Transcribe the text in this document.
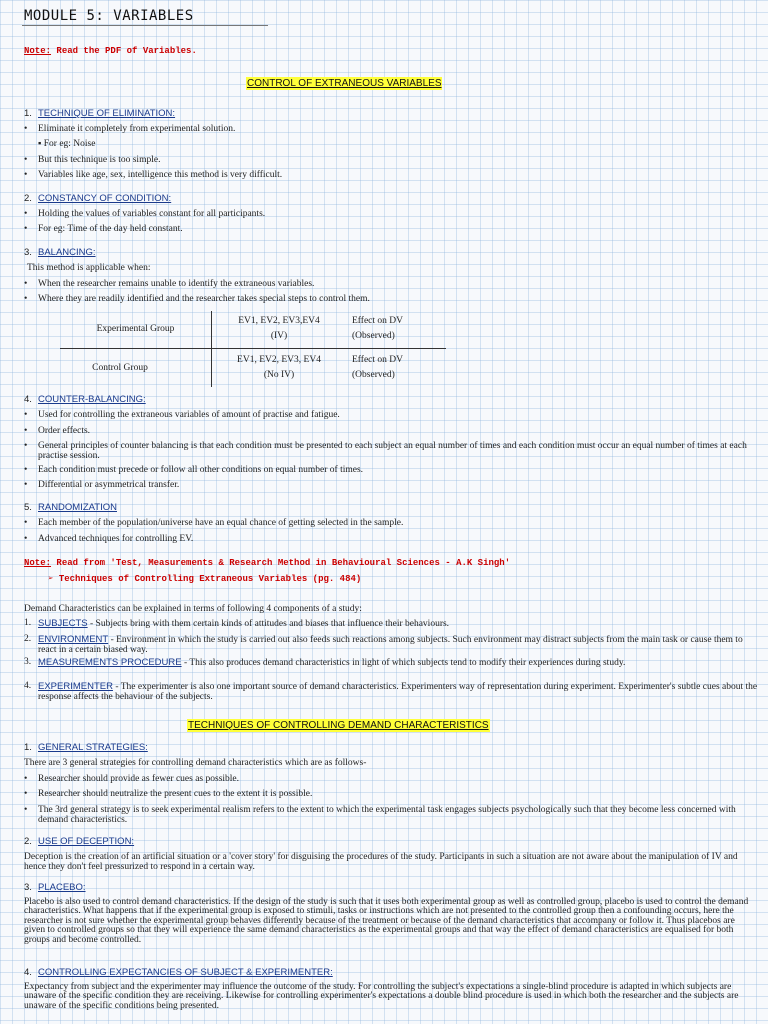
MODULE 5: VARIABLES
Note: Read the PDF of Variables.
CONTROL OF EXTRANEOUS VARIABLES
1. TECHNIQUE OF ELIMINATION:
• Eliminate it completely from experimental solution.
▪ For eg: Noise
• But this technique is too simple.
• Variables like age, sex, intelligence this method is very difficult.
2. CONSTANCY OF CONDITION:
• Holding the values of variables constant for all participants.
• For eg: Time of the day held constant.
3. BALANCING:
This method is applicable when:
• When the researcher remains unable to identify the extraneous variables.
• Where they are readily identified and the researcher takes special steps to control them.
Experimental Group
EV1, EV2, EV3,EV4
(IV)
Effect on DV
(Observed)
Control Group
EV1, EV2, EV3, EV4
(No IV)
Effect on DV
(Observed)
4. COUNTER-BALANCING:
• Used for controlling the extraneous variables of amount of practise and fatigue.
• Order effects.
• General principles of counter balancing is that each condition must be presented to each subject an equal number of times and each condition must occur an equal number of times at each practise session.
• Each condition must precede or follow all other conditions on equal number of times.
• Differential or asymmetrical transfer.
5. RANDOMIZATION
• Each member of the population/universe have an equal chance of getting selected in the sample.
• Advanced techniques for controlling EV.
Note: Read from 'Test, Measurements & Research Method in Behavioural Sciences - A.K Singh'
➢ Techniques of Controlling Extraneous Variables (pg. 484)
Demand Characteristics can be explained in terms of following 4 components of a study:
1. SUBJECTS - Subjects bring with them certain kinds of attitudes and biases that influence their behaviours.
2. ENVIRONMENT - Environment in which the study is carried out also feeds such reactions among subjects. Such environment may distract subjects from the main task or cause them to react in a certain biased way.
3. MEASUREMENTS PROCEDURE - This also produces demand characteristics in light of which subjects tend to modify their experiences during study.
4. EXPERIMENTER - The experimenter is also one important source of demand characteristics. Experimenters way of representation during experiment. Experimenter's subtle cues about the response affects the behaviour of the subjects.
TECHNIQUES OF CONTROLLING DEMAND CHARACTERISTICS
1. GENERAL STRATEGIES:
There are 3 general strategies for controlling demand characteristics which are as follows-
• Researcher should provide as fewer cues as possible.
• Researcher should neutralize the present cues to the extent it is possible.
• The 3rd general strategy is to seek experimental realism refers to the extent to which the experimental task engages subjects psychologically such that they become less concerned with demand characteristics.
2. USE OF DECEPTION:
Deception is the creation of an artificial situation or a 'cover story' for disguising the procedures of the study. Participants in such a situation are not aware about the manipulation of IV and hence they don't feel pressurized to respond in a certain way.
3. PLACEBO:
Placebo is also used to control demand characteristics. If the design of the study is such that it uses both experimental group as well as controlled group, placebo is used to control the demand characteristics. What happens that if the experimental group is exposed to stimuli, tasks or instructions which are not presented to the controlled group then a confounding occurs, here the researcher is not sure whether the experimental group behaves differently because of the treatment or because of the demand characteristics that accompany or follow it. Thus placebos are given to controlled groups so that they will experience the same demand characteristics as the experimental groups and that way the effect of demand characteristics are equalised for both groups and become controlled.
4. CONTROLLING EXPECTANCIES OF SUBJECT & EXPERIMENTER:
Expectancy from subject and the experimenter may influence the outcome of the study. For controlling the subject's expectations a single-blind procedure is adapted in which subjects are unaware of the specific condition they are receiving. Likewise for controlling experimenter's expectations a double blind procedure is used in which both the researcher and the subjects are unaware of the specific conditions being presented.
